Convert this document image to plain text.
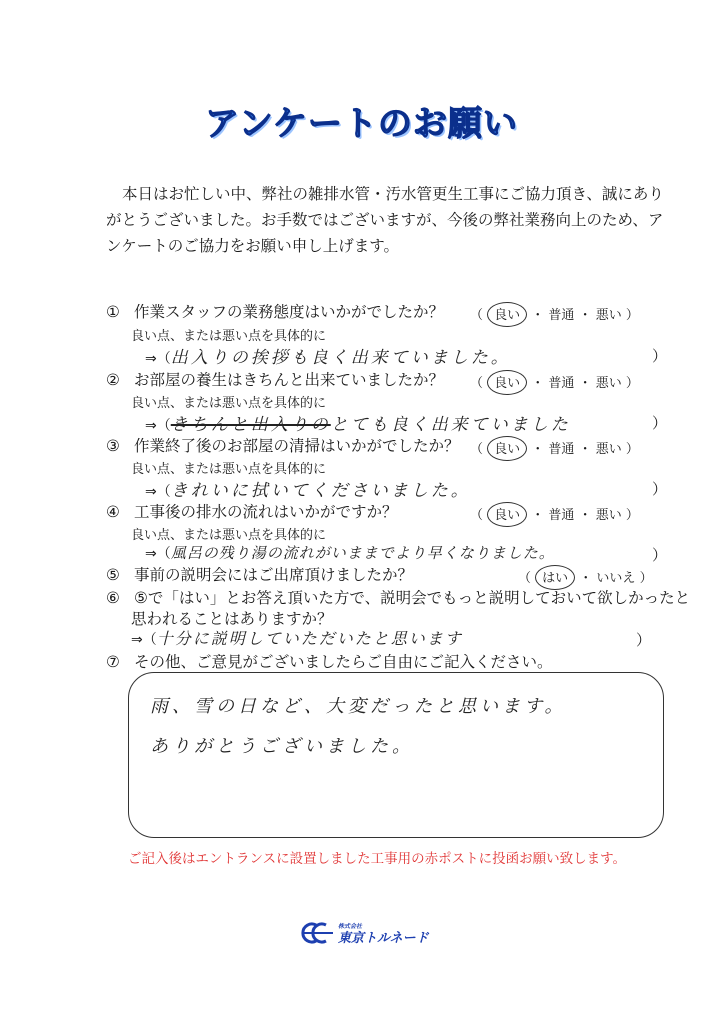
アンケートのお願い
本日はお忙しい中、弊社の雑排水管・汚水管更生工事にご協力頂き、誠にありがとうございました。お手数ではございますが、今後の弊社業務向上のため、アンケートのご協力をお願い申し上げます。
① 作業スタッフの業務態度はいかがでしたか？ （ 良い ・ 普通 ・ 悪い ）
良い点、または悪い点を具体的に
⇒（出入りの挨拶も良く出来ていました。	）
② お部屋の養生はきちんと出来ていましたか？ （ 良い ・ 普通 ・ 悪い ）
良い点、または悪い点を具体的に
⇒（きちんと出入りのとても良く出来ていました	）
③ 作業終了後のお部屋の清掃はいかがでしたか？ （ 良い ・ 普通 ・ 悪い ）
良い点、または悪い点を具体的に
⇒（きれいに拭いてくださいました。	）
④ 工事後の排水の流れはいかがですか？	（ 良い ・ 普通 ・ 悪い ）
良い点、または悪い点を具体的に
⇒（風呂の残り湯の流れがいままでより早くなりました。	）
⑤ 事前の説明会にはご出席頂けましたか？	（ はい ・ いいえ ）
⑥ ⑤で「はい」とお答え頂いた方で、説明会でもっと説明しておいて欲しかったと
思われることはありますか？
⇒（十分に説明していただいたと思います	）
⑦ その他、ご意見がございましたらご自由にご記入ください。
雨、雪の日など、大変だったと思います。
ありがとうございました。
ご記入後はエントランスに設置しました工事用の赤ポストに投函お願い致します。
株式会社
東京トルネード
